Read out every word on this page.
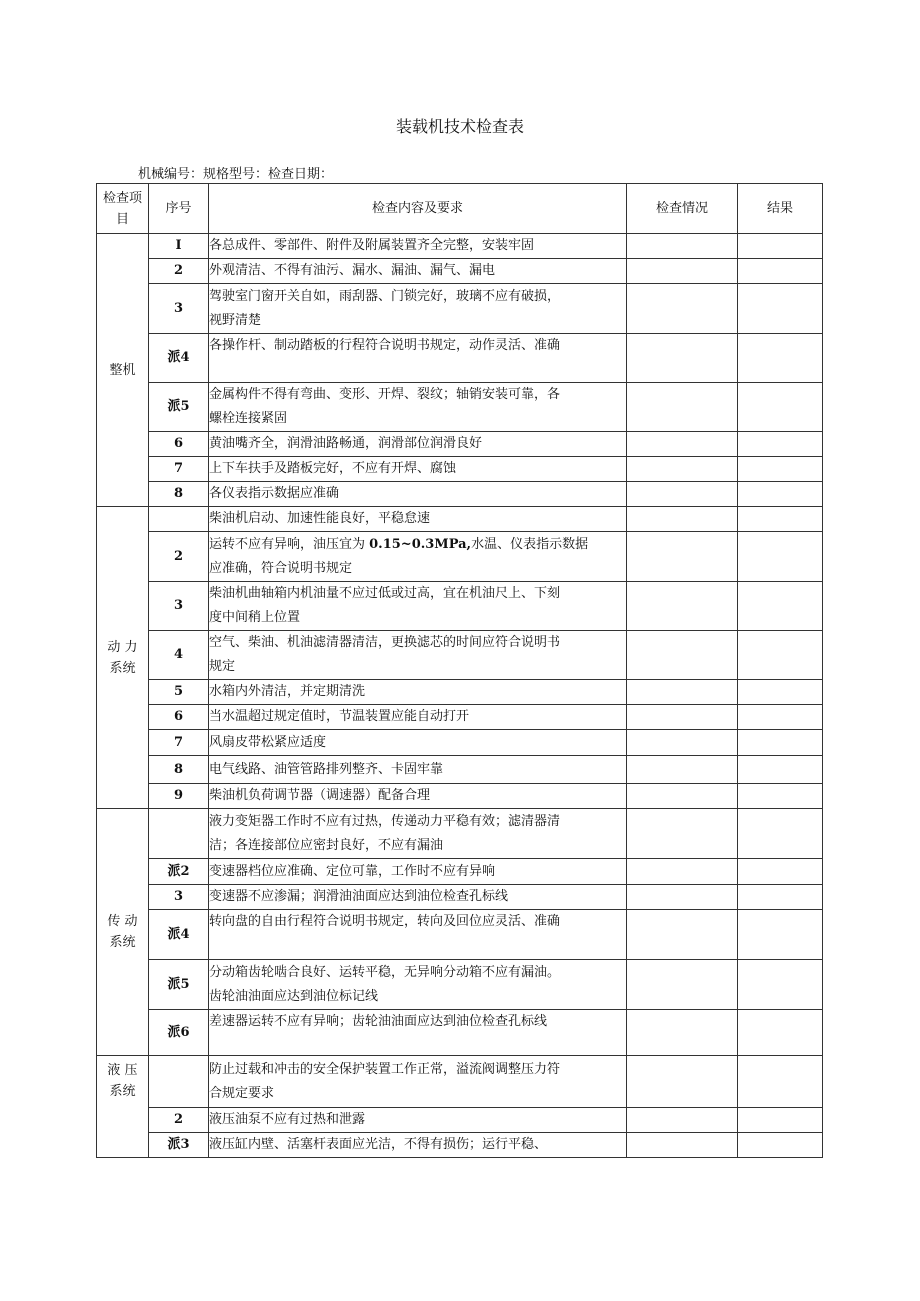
装载机技术检查表
机械编号：规格型号：检查日期：
检查项
目	序号	检查内容及要求	检查情况	结果
整机	I	各总成件、零部件、附件及附属装置齐全完整，安装牢固		
	2	外观清洁、不得有油污、漏水、漏油、漏气、漏电		
	3	驾驶室门窗开关自如，雨刮器、门锁完好，玻璃不应有破损，
视野清楚		
	派4	各操作杆、制动踏板的行程符合说明书规定，动作灵活、准确		
	派5	金属构件不得有弯曲、变形、开焊、裂纹；轴销安装可靠，各
螺栓连接紧固		
	6	黄油嘴齐全，润滑油路畅通，润滑部位润滑良好		
	7	上下车扶手及踏板完好，不应有开焊、腐蚀		
	8	各仪表指示数据应准确		
动 力
系统		柴油机启动、加速性能良好，平稳怠速		
	2	运转不应有异响，油压宜为 0.15~0.3MPa,水温、仪表指示数据
应准确，符合说明书规定		
	3	柴油机曲轴箱内机油量不应过低或过高，宜在机油尺上、下刻
度中间稍上位置		
	4	空气、柴油、机油滤清器清洁，更换滤芯的时间应符合说明书
规定		
	5	水箱内外清洁，并定期清洗		
	6	当水温超过规定值时，节温装置应能自动打开		
	7	风扇皮带松紧应适度		
	8	电气线路、油管管路排列整齐、卡固牢靠		
	9	柴油机负荷调节器（调速器）配备合理		
传 动
系统		液力变矩器工作时不应有过热，传递动力平稳有效；滤清器清
洁；各连接部位应密封良好，不应有漏油		
	派2	变速器档位应准确、定位可靠，工作时不应有异响		
	3	变速器不应渗漏；润滑油油面应达到油位检查孔标线		
	派4	转向盘的自由行程符合说明书规定，转向及回位应灵活、准确		
	派5	分动箱齿轮啮合良好、运转平稳，无异响分动箱不应有漏油。
齿轮油油面应达到油位标记线		
	派6	差速器运转不应有异响；齿轮油油面应达到油位检查孔标线		
液 压
系统		防止过载和冲击的安全保护装置工作正常，溢流阀调整压力符
合规定要求		
	2	液压油泵不应有过热和泄露		
	派3	液压缸内壁、活塞杆表面应光洁，不得有损伤；运行平稳、		
